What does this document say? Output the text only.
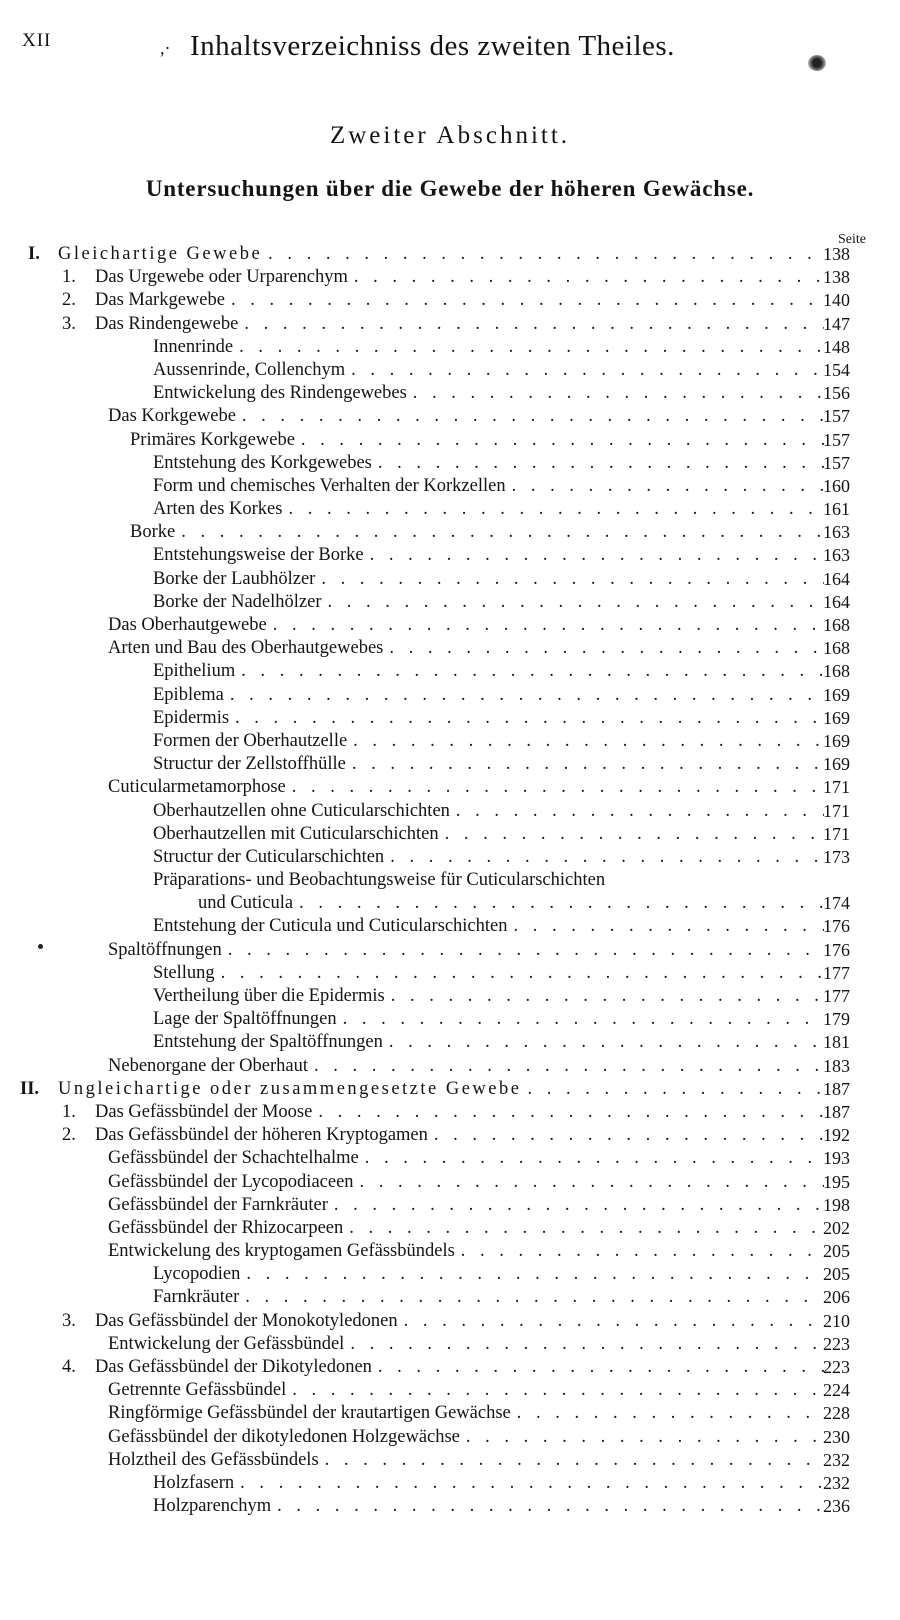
XII	,· Inhaltsverzeichniss des zweiten Theiles.
Zweiter Abschnitt.
Untersuchungen über die Gewebe der höheren Gewächse.
Seite
I. Gleichartige Gewebe . . .	138
1. Das Urgewebe oder Urparenchym . . .	138
2. Das Markgewebe . . .	140
3. Das Rindengewebe . . .	147
Innenrinde . . .	148
Aussenrinde, Collenchym . . .	154
Entwickelung des Rindengewebes . . .	156
Das Korkgewebe . . .	157
Primäres Korkgewebe . . .	157
Entstehung des Korkgewebes . . .	157
Form und chemisches Verhalten der Korkzellen . . .	160
Arten des Korkes . . .	161
Borke . . .	163
Entstehungsweise der Borke . . .	163
Borke der Laubhölzer . . .	164
Borke der Nadelhölzer . . .	164
Das Oberhautgewebe . . .	168
Arten und Bau des Oberhautgewebes . . .	168
Epithelium . . .	168
Epiblema . . .	169
Epidermis . . .	169
Formen der Oberhautzelle . . .	169
Structur der Zellstoffhülle . . .	169
Cuticularmetamorphose . . .	171
Oberhautzellen ohne Cuticularschichten . . .	171
Oberhautzellen mit Cuticularschichten . . .	171
Structur der Cuticularschichten . . .	173
Präparations- und Beobachtungsweise für Cuticularschichten
und Cuticula . . .	174
Entstehung der Cuticula und Cuticularschichten . . .	176
Spaltöffnungen . . .	176
Stellung . . .	177
Vertheilung über die Epidermis . . .	177
Lage der Spaltöffnungen . . .	179
Entstehung der Spaltöffnungen . . .	181
Nebenorgane der Oberhaut . . .	183
II. Ungleichartige oder zusammengesetzte Gewebe . . .	187
1. Das Gefässbündel der Moose . . .	187
2. Das Gefässbündel der höheren Kryptogamen . . .	192
Gefässbündel der Schachtelhalme . . .	193
Gefässbündel der Lycopodiaceen . . .	195
Gefässbündel der Farnkräuter . . .	198
Gefässbündel der Rhizocarpeen . . .	202
Entwickelung des kryptogamen Gefässbündels . . .	205
Lycopodien . . .	205
Farnkräuter . . .	206
3. Das Gefässbündel der Monokotyledonen . . .	210
Entwickelung der Gefässbündel . . .	223
4. Das Gefässbündel der Dikotyledonen . . .	223
Getrennte Gefässbündel . . .	224
Ringförmige Gefässbündel der krautartigen Gewächse . . .	228
Gefässbündel der dikotyledonen Holzgewächse . . .	230
Holztheil des Gefässbündels . . .	232
Holzfasern . . .	232
Holzparenchym . . .	236
